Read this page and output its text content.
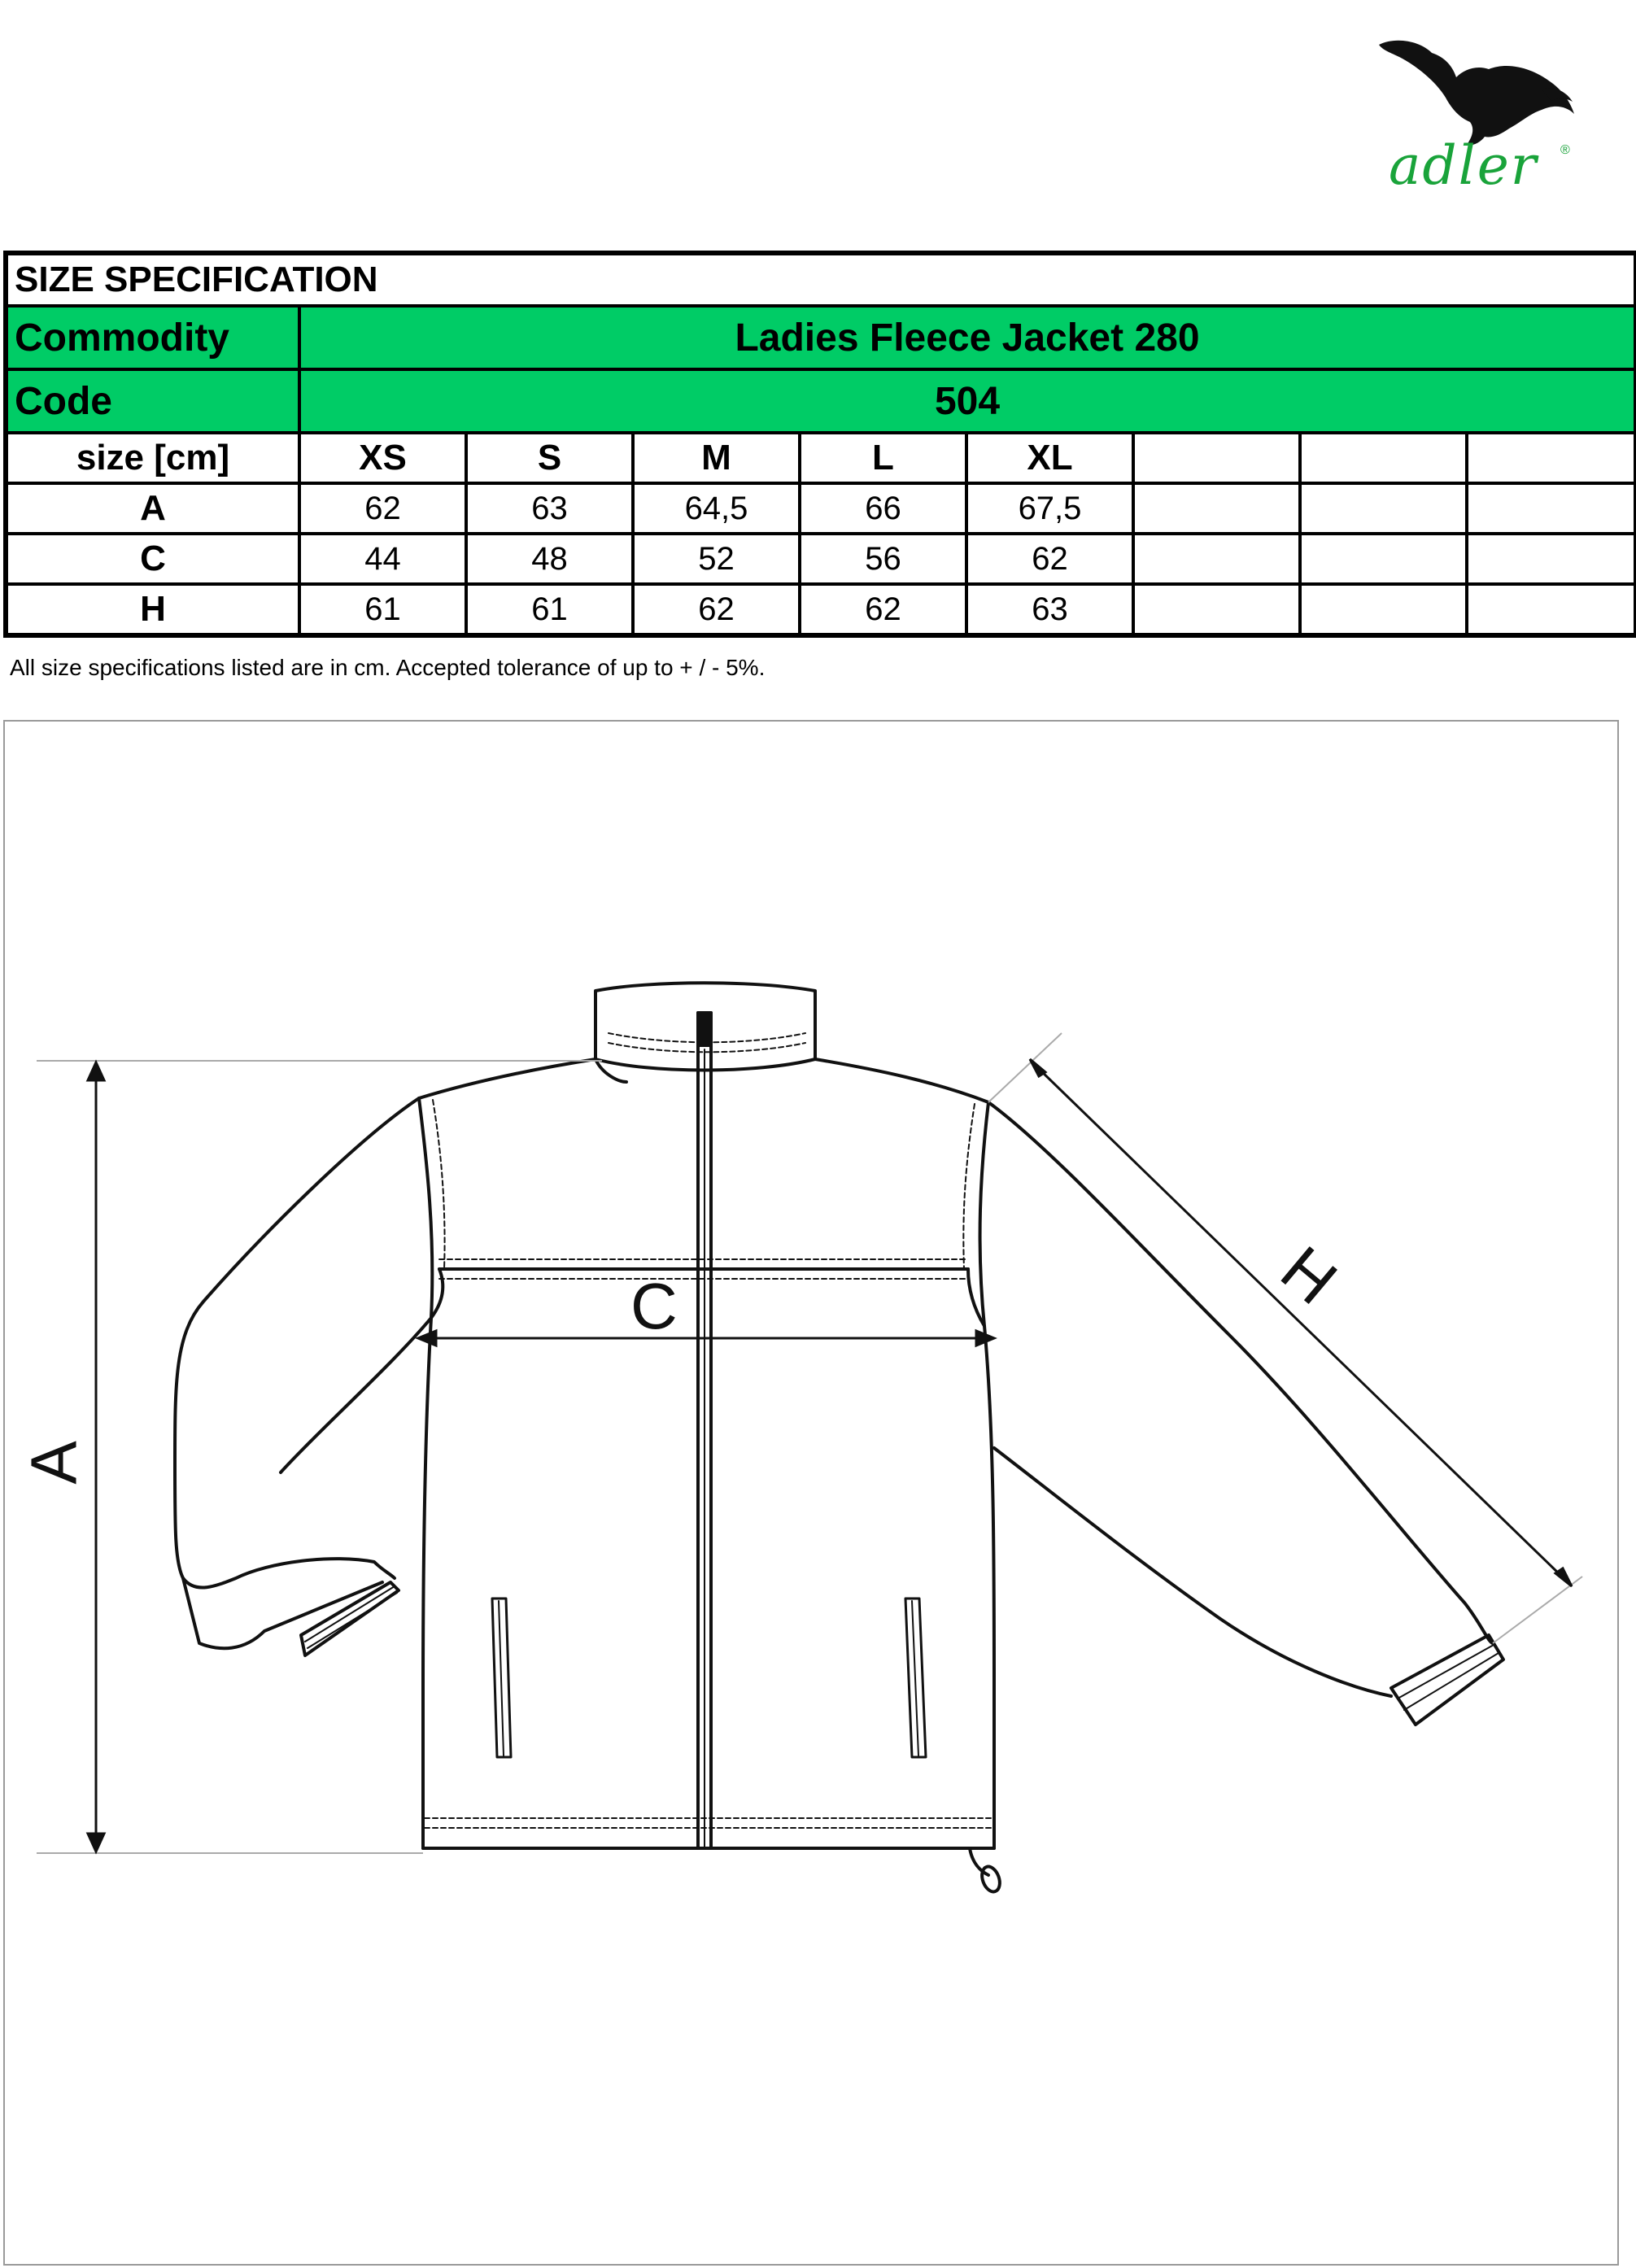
adler ®
SIZE SPECIFICATION								
Commodity	Ladies Fleece Jacket 280							
Code	504							
size [cm]	XS	S	M	L	XL			
A	62	63	64,5	66	67,5			
C	44	48	52	56	62			
H	61	61	62	62	63			
All size specifications listed are in cm. Accepted tolerance of up to + / - 5%.
A
C	H
